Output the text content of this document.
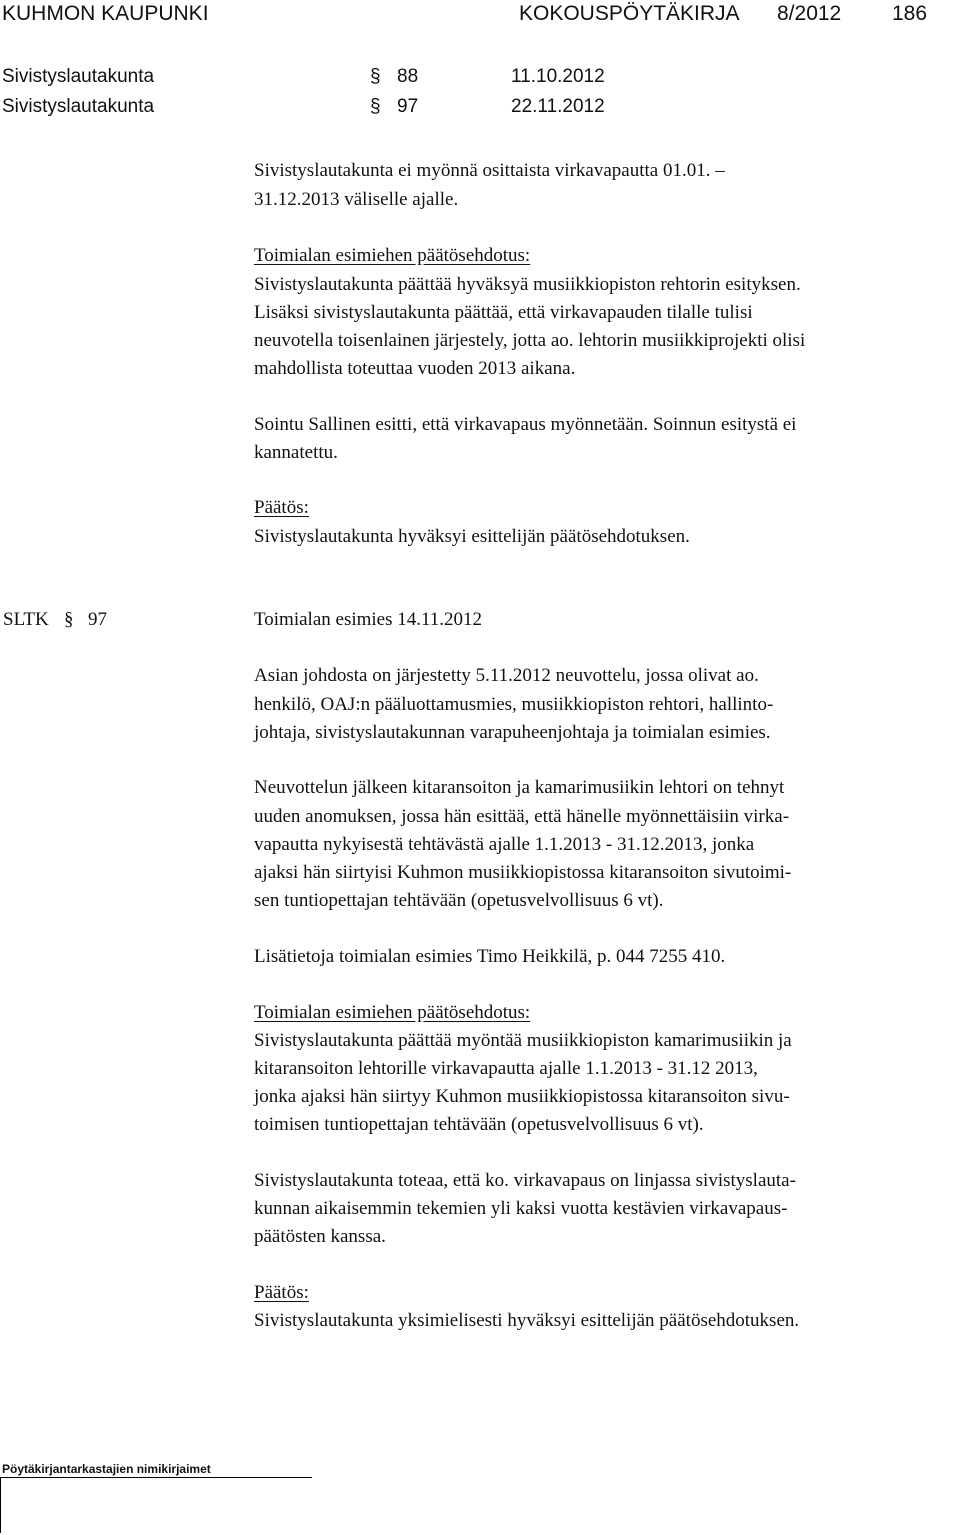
KUHMON KAUPUNKI	KOKOUSPÖYTÄKIRJA 8/2012 186
Sivistyslautakunta	§ 88	11.10.2012
Sivistyslautakunta	§ 97	22.11.2012
Sivistyslautakunta ei myönnä osittaista virkavapautta 01.01. –
31.12.2013 väliselle ajalle.
Toimialan esimiehen päätösehdotus:
Sivistyslautakunta päättää hyväksyä musiikkiopiston rehtorin esityksen.
Lisäksi sivistyslautakunta päättää, että virkavapauden tilalle tulisi
neuvotella toisenlainen järjestely, jotta ao. lehtorin musiikkiprojekti olisi
mahdollista toteuttaa vuoden 2013 aikana.
Sointu Sallinen esitti, että virkavapaus myönnetään. Soinnun esitystä ei
kannatettu.
Päätös:
Sivistyslautakunta hyväksyi esittelijän päätösehdotuksen.
SLTK § 97	Toimialan esimies 14.11.2012
Asian johdosta on järjestetty 5.11.2012 neuvottelu, jossa olivat ao.
henkilö, OAJ:n pääluottamusmies, musiikkiopiston rehtori, hallinto-
johtaja, sivistyslautakunnan varapuheenjohtaja ja toimialan esimies.
Neuvottelun jälkeen kitaransoiton ja kamarimusiikin lehtori on tehnyt
uuden anomuksen, jossa hän esittää, että hänelle myönnettäisiin virka-
vapautta nykyisestä tehtävästä ajalle 1.1.2013 - 31.12.2013, jonka
ajaksi hän siirtyisi Kuhmon musiikkiopistossa kitaransoiton sivutoimi-
sen tuntiopettajan tehtävään (opetusvelvollisuus 6 vt).
Lisätietoja toimialan esimies Timo Heikkilä, p. 044 7255 410.
Toimialan esimiehen päätösehdotus:
Sivistyslautakunta päättää myöntää musiikkiopiston kamarimusiikin ja
kitaransoiton lehtorille virkavapautta ajalle 1.1.2013 - 31.12 2013,
jonka ajaksi hän siirtyy Kuhmon musiikkiopistossa kitaransoiton sivu-
toimisen tuntiopettajan tehtävään (opetusvelvollisuus 6 vt).
Sivistyslautakunta toteaa, että ko. virkavapaus on linjassa sivistyslauta-
kunnan aikaisemmin tekemien yli kaksi vuotta kestävien virkavapaus-
päätösten kanssa.
Päätös:
Sivistyslautakunta yksimielisesti hyväksyi esittelijän päätösehdotuksen.
Pöytäkirjantarkastajien nimikirjaimet
